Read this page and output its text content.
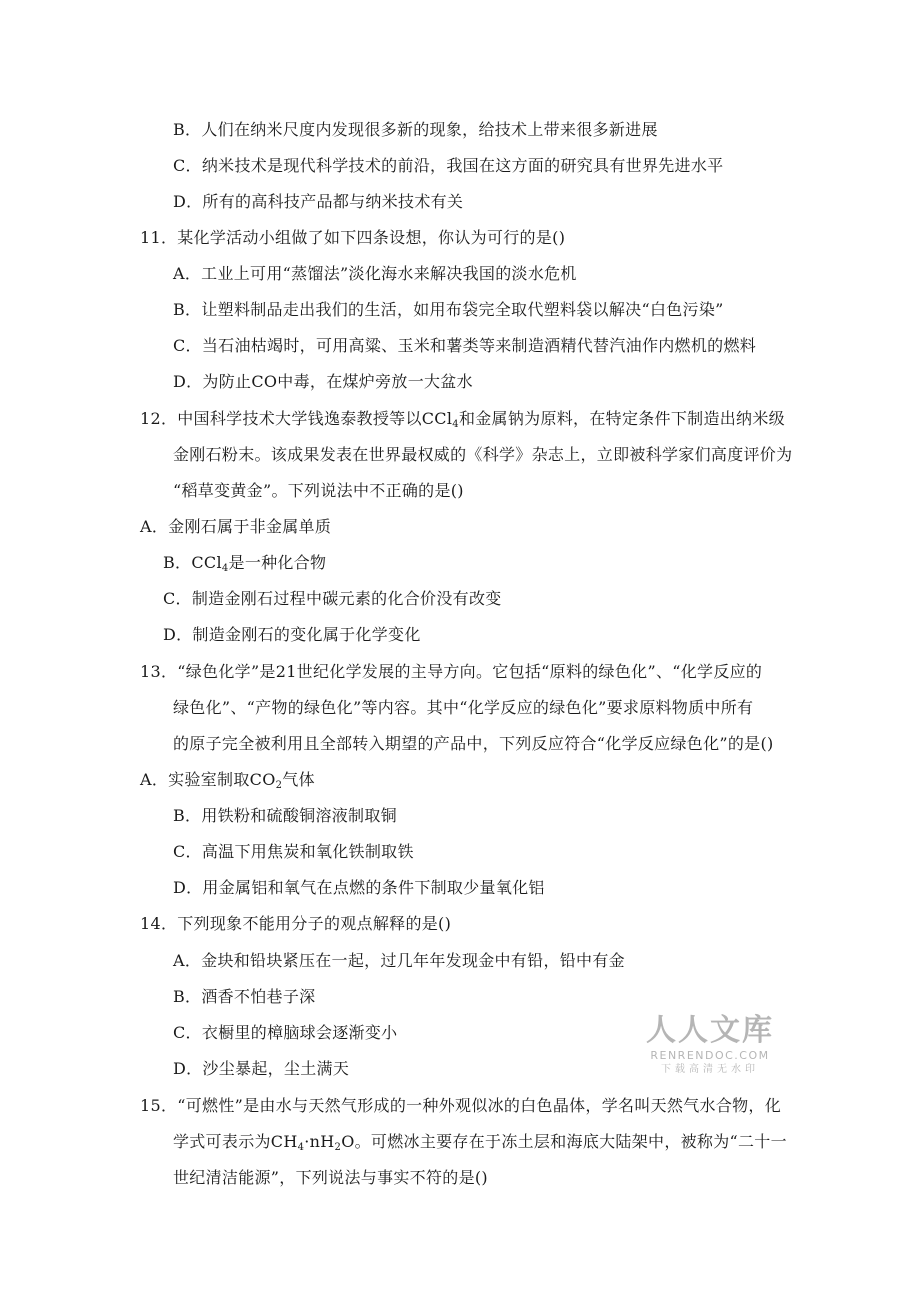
B．人们在纳米尺度内发现很多新的现象，给技术上带来很多新进展
C．纳米技术是现代科学技术的前沿，我国在这方面的研究具有世界先进水平
D．所有的高科技产品都与纳米技术有关
11．某化学活动小组做了如下四条设想，你认为可行的是()
A．工业上可用“蒸馏法”淡化海水来解决我国的淡水危机
B．让塑料制品走出我们的生活，如用布袋完全取代塑料袋以解决“白色污染”
C．当石油枯竭时，可用高粱、玉米和薯类等来制造酒精代替汽油作内燃机的燃料
D．为防止CO中毒，在煤炉旁放一大盆水
12．中国科学技术大学钱逸泰教授等以CCl$_4$和金属钠为原料，在特定条件下制造出纳米级
金刚石粉末。该成果发表在世界最权威的《科学》杂志上，立即被科学家们高度评价为
“稻草变黄金”。下列说法中不正确的是()
A．金刚石属于非金属单质
B．CCl$_4$是一种化合物
C．制造金刚石过程中碳元素的化合价没有改变
D．制造金刚石的变化属于化学变化
13．“绿色化学”是21世纪化学发展的主导方向。它包括“原料的绿色化”、“化学反应的
绿色化”、“产物的绿色化”等内容。其中“化学反应的绿色化”要求原料物质中所有
的原子完全被利用且全部转入期望的产品中，下列反应符合“化学反应绿色化”的是()
A．实验室制取$CO_2$气体
B．用铁粉和硫酸铜溶液制取铜
C．高温下用焦炭和氧化铁制取铁
D．用金属铝和氧气在点燃的条件下制取少量氧化铝
14．下列现象不能用分子的观点解释的是()
A．金块和铅块紧压在一起，过几年年发现金中有铅，铅中有金
B．酒香不怕巷子深
C．衣橱里的樟脑球会逐渐变小
D．沙尘暴起，尘土满天
15．“可燃性”是由水与天然气形成的一种外观似冰的白色晶体，学名叫天然气水合物，化
学式可表示为$CH_4\cdot nH_2O$。可燃冰主要存在于冻土层和海底大陆架中，被称为“二十一
世纪清洁能源”，下列说法与事实不符的是()
人人文库
RENRENDOC.COM
下载高清无水印
